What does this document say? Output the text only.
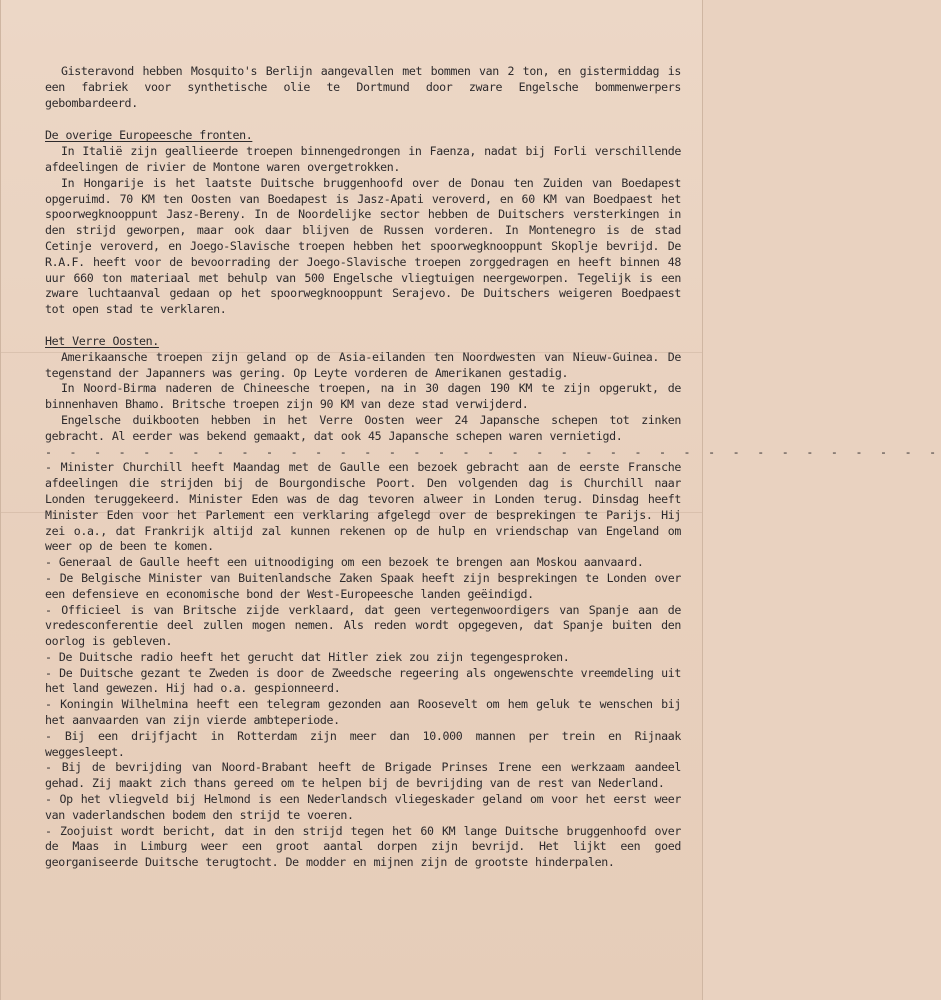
Gisteravond hebben Mosquito's Berlijn aangevallen met bommen van 2 ton, en gistermiddag is een fabriek voor synthetische olie te Dortmund door zware Engelsche bommenwerpers gebombardeerd.

De overige Europeesche fronten.

In Italië zijn geallieerde troepen binnengedrongen in Faenza, nadat bij Forli verschillende afdeelingen de rivier de Montone waren overgetrokken.

In Hongarije is het laatste Duitsche bruggenhoofd over de Donau ten Zuiden van Boedapest opgeruimd. 70 KM ten Oosten van Boedapest is Jasz-Apati veroverd, en 60 KM van Boedpaest het spoorwegknooppunt Jasz-Bereny. In de Noordelijke sector hebben de Duitschers versterkingen in den strijd geworpen, maar ook daar blijven de Russen vorderen. In Montenegro is de stad Cetinje veroverd, en Joego-Slavische troepen hebben het spoorwegknooppunt Skoplje bevrijd. De R.A.F. heeft voor de bevoorrading der Joego-Slavische troepen zorggedragen en heeft binnen 48 uur 660 ton materiaal met behulp van 500 Engelsche vliegtuigen neergeworpen. Tegelijk is een zware luchtaanval gedaan op het spoorwegknooppunt Serajevo. De Duitschers weigeren Boedpaest tot open stad te verklaren.

Het Verre Oosten.

Amerikaansche troepen zijn geland op de Asia-eilanden ten Noordwesten van Nieuw-Guinea. De tegenstand der Japanners was gering. Op Leyte vorderen de Amerikanen gestadig.

In Noord-Birma naderen de Chineesche troepen, na in 30 dagen 190 KM te zijn opgerukt, de binnenhaven Bhamo. Britsche troepen zijn 90 KM van deze stad verwijderd.

Engelsche duikbooten hebben in het Verre Oosten weer 24 Japansche schepen tot zinken gebracht. Al eerder was bekend gemaakt, dat ook 45 Japansche schepen waren vernietigd.

- - - - - - - - - - - - - - - - - - - - - - - - - - - - - - - - - - - - -

- Minister Churchill heeft Maandag met de Gaulle een bezoek gebracht aan de eerste Fransche afdeelingen die strijden bij de Bourgondische Poort. Den volgenden dag is Churchill naar Londen teruggekeerd. Minister Eden was de dag tevoren alweer in Londen terug. Dinsdag heeft Minister Eden voor het Parlement een verklaring afgelegd over de besprekingen te Parijs. Hij zei o.a., dat Frankrijk altijd zal kunnen rekenen op de hulp en vriendschap van Engeland om weer op de been te komen.

- Generaal de Gaulle heeft een uitnoodiging om een bezoek te brengen aan Moskou aanvaard.

- De Belgische Minister van Buitenlandsche Zaken Spaak heeft zijn besprekingen te Londen over een defensieve en economische bond der West-Europeesche landen geëindigd.

- Officieel is van Britsche zijde verklaard, dat geen vertegenwoordigers van Spanje aan de vredesconferentie deel zullen mogen nemen. Als reden wordt opgegeven, dat Spanje buiten den oorlog is gebleven.

- De Duitsche radio heeft het gerucht dat Hitler ziek zou zijn tegengesproken.

- De Duitsche gezant te Zweden is door de Zweedsche regeering als ongewenschte vreemdeling uit het land gewezen. Hij had o.a. gespionneerd.

- Koningin Wilhelmina heeft een telegram gezonden aan Roosevelt om hem geluk te wenschen bij het aanvaarden van zijn vierde ambteperiode.

- Bij een drijfjacht in Rotterdam zijn meer dan 10.000 mannen per trein en Rijnaak weggesleept.

- Bij de bevrijding van Noord-Brabant heeft de Brigade Prinses Irene een werkzaam aandeel gehad. Zij maakt zich thans gereed om te helpen bij de bevrijding van de rest van Nederland.

- Op het vliegveld bij Helmond is een Nederlandsch vliegeskader geland om voor het eerst weer van vaderlandschen bodem den strijd te voeren.

- Zoojuist wordt bericht, dat in den strijd tegen het 60 KM lange Duitsche bruggenhoofd over de Maas in Limburg weer een groot aantal dorpen zijn bevrijd. Het lijkt een goed georganiseerde Duitsche terugtocht. De modder en mijnen zijn de grootste hinderpalen.
